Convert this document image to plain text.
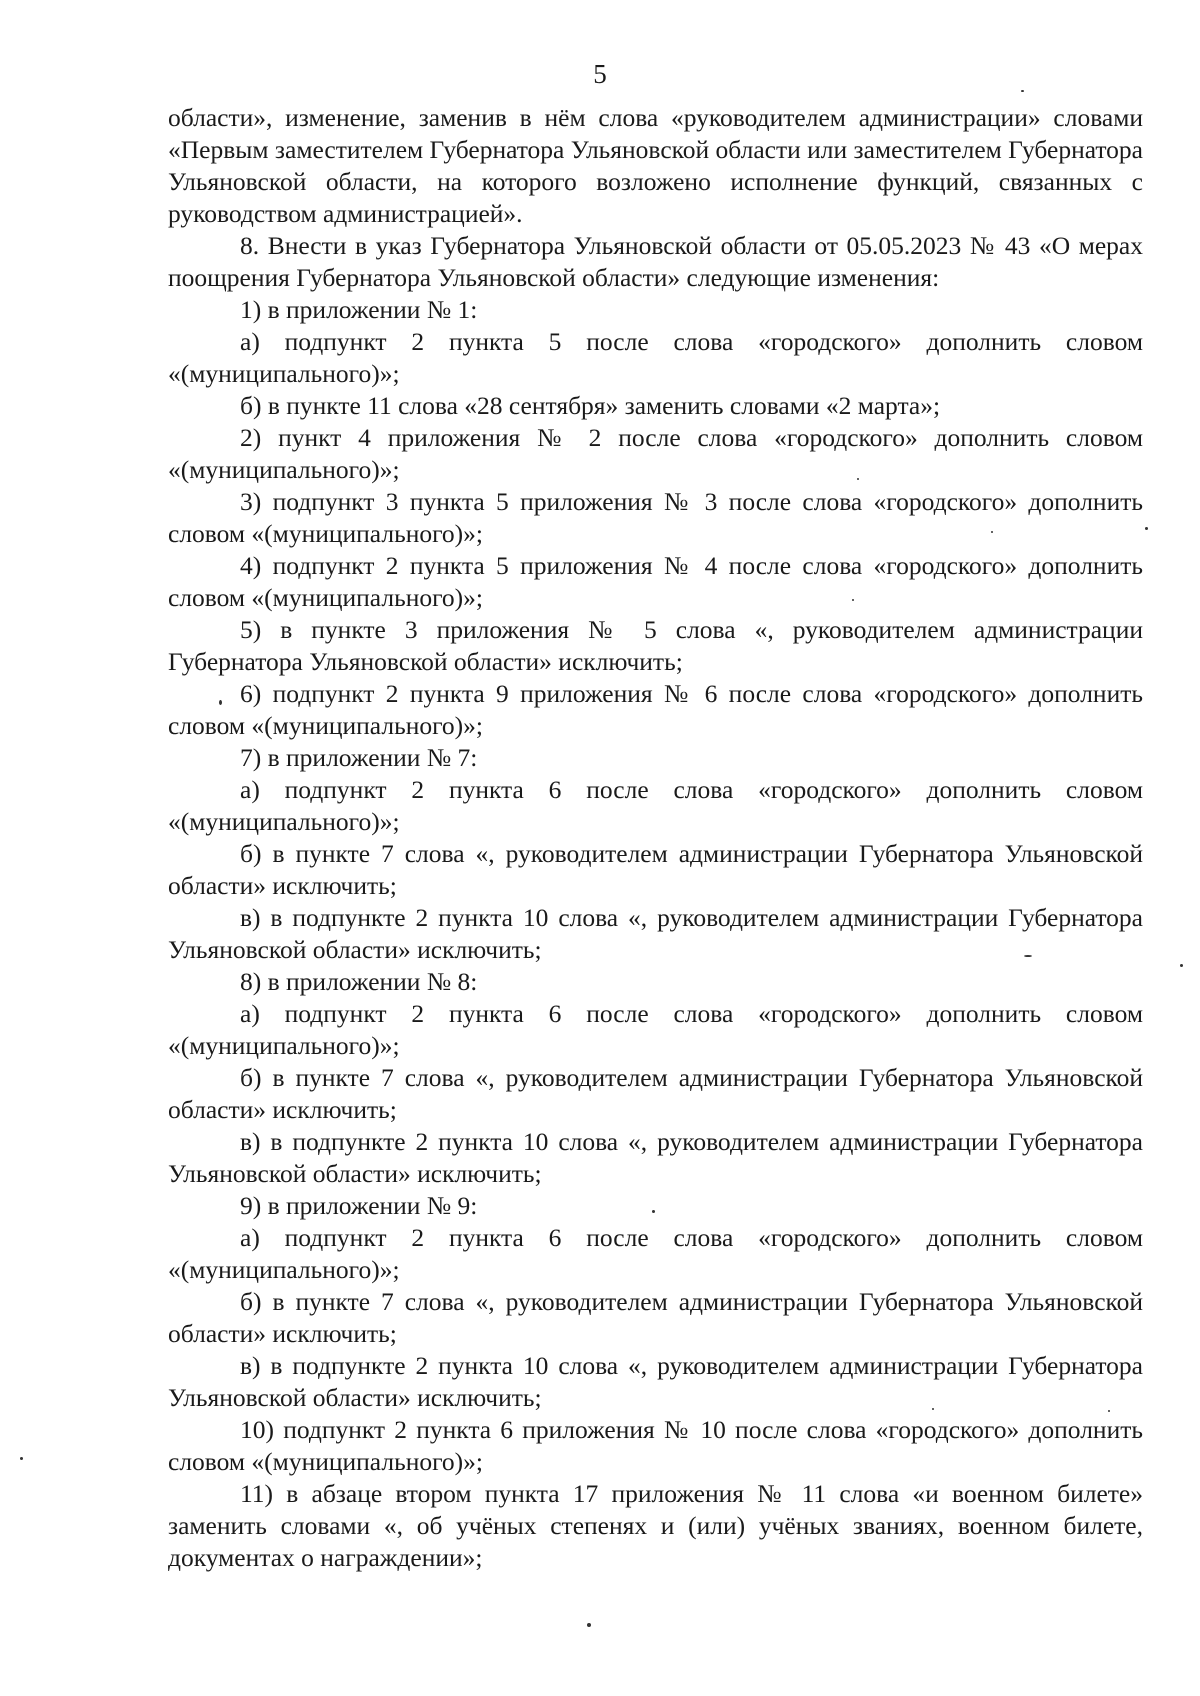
5

области», изменение, заменив в нём слова «руководителем администрации» словами «Первым заместителем Губернатора Ульяновской области или заместителем Губернатора Ульяновской области, на которого возложено исполнение функций, связанных с руководством администрацией».

8. Внести в указ Губернатора Ульяновской области от 05.05.2023 № 43 «О мерах поощрения Губернатора Ульяновской области» следующие изменения:

1) в приложении № 1:

а) подпункт 2 пункта 5 после слова «городского» дополнить словом «(муниципального)»;

б) в пункте 11 слова «28 сентября» заменить словами «2 марта»;

2) пункт 4 приложения № 2 после слова «городского» дополнить словом «(муниципального)»;

3) подпункт 3 пункта 5 приложения № 3 после слова «городского» дополнить словом «(муниципального)»;

4) подпункт 2 пункта 5 приложения № 4 после слова «городского» дополнить словом «(муниципального)»;

5) в пункте 3 приложения № 5 слова «, руководителем администрации Губернатора Ульяновской области» исключить;

6) подпункт 2 пункта 9 приложения № 6 после слова «городского» дополнить словом «(муниципального)»;

7) в приложении № 7:

а) подпункт 2 пункта 6 после слова «городского» дополнить словом «(муниципального)»;

б) в пункте 7 слова «, руководителем администрации Губернатора Ульяновской области» исключить;

в) в подпункте 2 пункта 10 слова «, руководителем администрации Губернатора Ульяновской области» исключить;

8) в приложении № 8:

а) подпункт 2 пункта 6 после слова «городского» дополнить словом «(муниципального)»;

б) в пункте 7 слова «, руководителем администрации Губернатора Ульяновской области» исключить;

в) в подпункте 2 пункта 10 слова «, руководителем администрации Губернатора Ульяновской области» исключить;

9) в приложении № 9:

а) подпункт 2 пункта 6 после слова «городского» дополнить словом «(муниципального)»;

б) в пункте 7 слова «, руководителем администрации Губернатора Ульяновской области» исключить;

в) в подпункте 2 пункта 10 слова «, руководителем администрации Губернатора Ульяновской области» исключить;

10) подпункт 2 пункта 6 приложения № 10 после слова «городского» дополнить словом «(муниципального)»;

11) в абзаце втором пункта 17 приложения № 11 слова «и военном билете» заменить словами «, об учёных степенях и (или) учёных званиях, военном билете, документах о награждении»;
